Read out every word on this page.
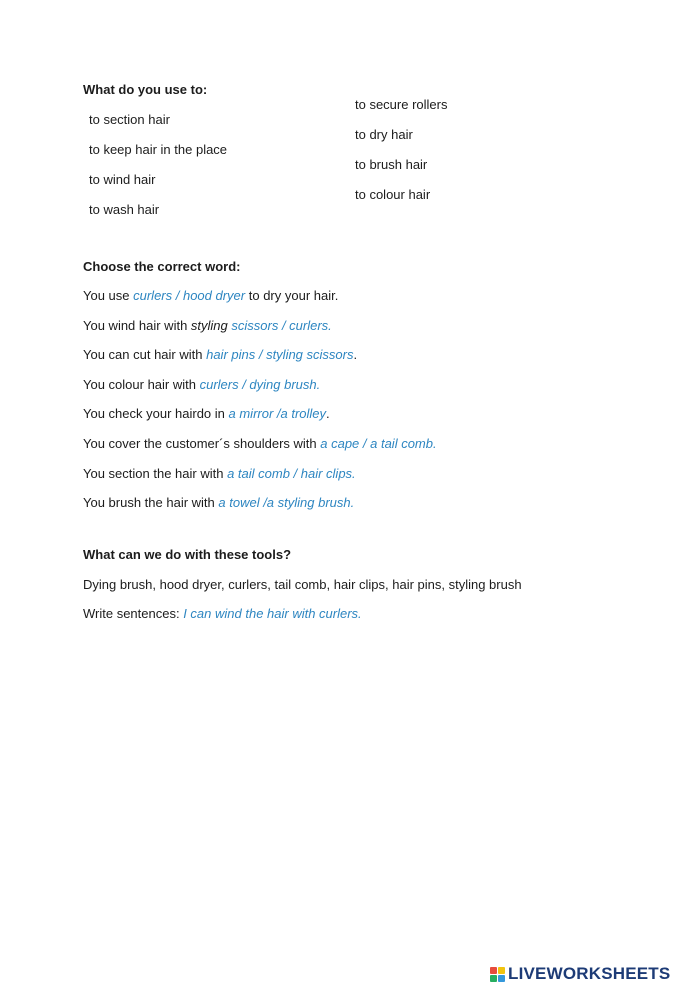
What do you use to:
to section hair
to keep hair in the place
to wind hair
to wash hair
to secure rollers
to dry hair
to brush hair
to colour hair
Choose the correct word:
You use curlers / hood dryer to dry your hair.
You wind hair with styling scissors / curlers.
You can cut hair with hair pins / styling scissors.
You colour hair with curlers / dying brush.
You check your hairdo in a mirror /a trolley.
You cover the customer´s shoulders with a cape / a tail comb.
You section the hair with a tail comb / hair clips.
You brush the hair with a towel /a styling brush.
What can we do with these tools?
Dying brush, hood dryer, curlers, tail comb, hair clips, hair pins, styling brush
Write sentences: I can wind the hair with curlers.
LIVEWORKSHEETS
